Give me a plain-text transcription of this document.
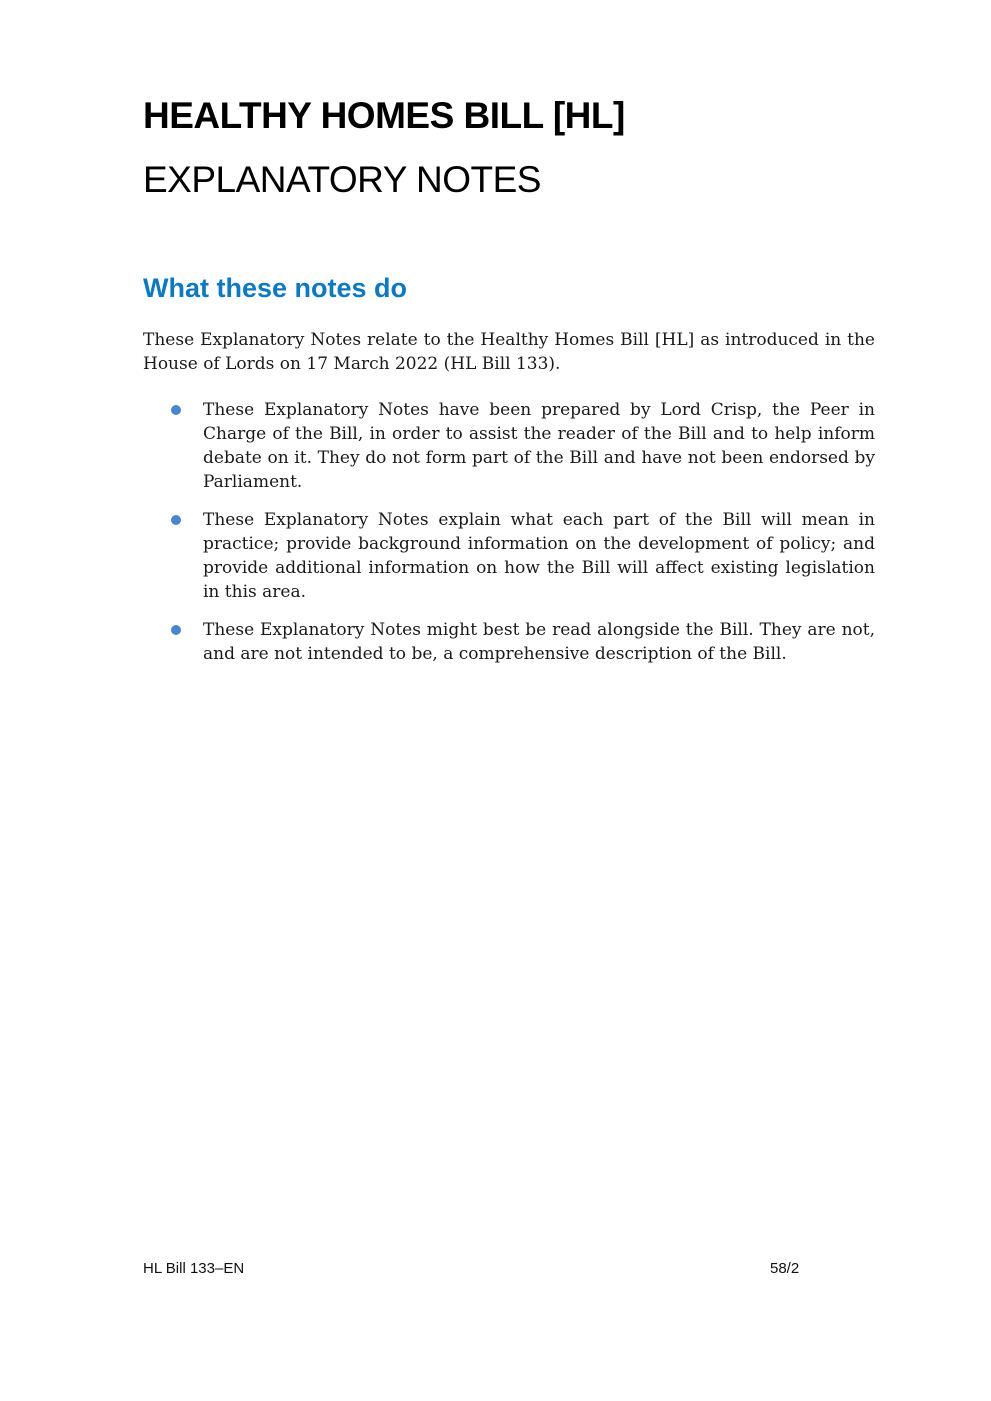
HEALTHY HOMES BILL [HL]
EXPLANATORY NOTES
What these notes do

These Explanatory Notes relate to the Healthy Homes Bill [HL] as introduced in the House of Lords on 17 March 2022 (HL Bill 133).

These Explanatory Notes have been prepared by Lord Crisp, the Peer in Charge of the Bill, in order to assist the reader of the Bill and to help inform debate on it. They do not form part of the Bill and have not been endorsed by Parliament.
These Explanatory Notes explain what each part of the Bill will mean in practice; provide background information on the development of policy; and provide additional information on how the Bill will affect existing legislation in this area.
These Explanatory Notes might best be read alongside the Bill. They are not, and are not intended to be, a comprehensive description of the Bill.
HL Bill 133–EN	58/2
